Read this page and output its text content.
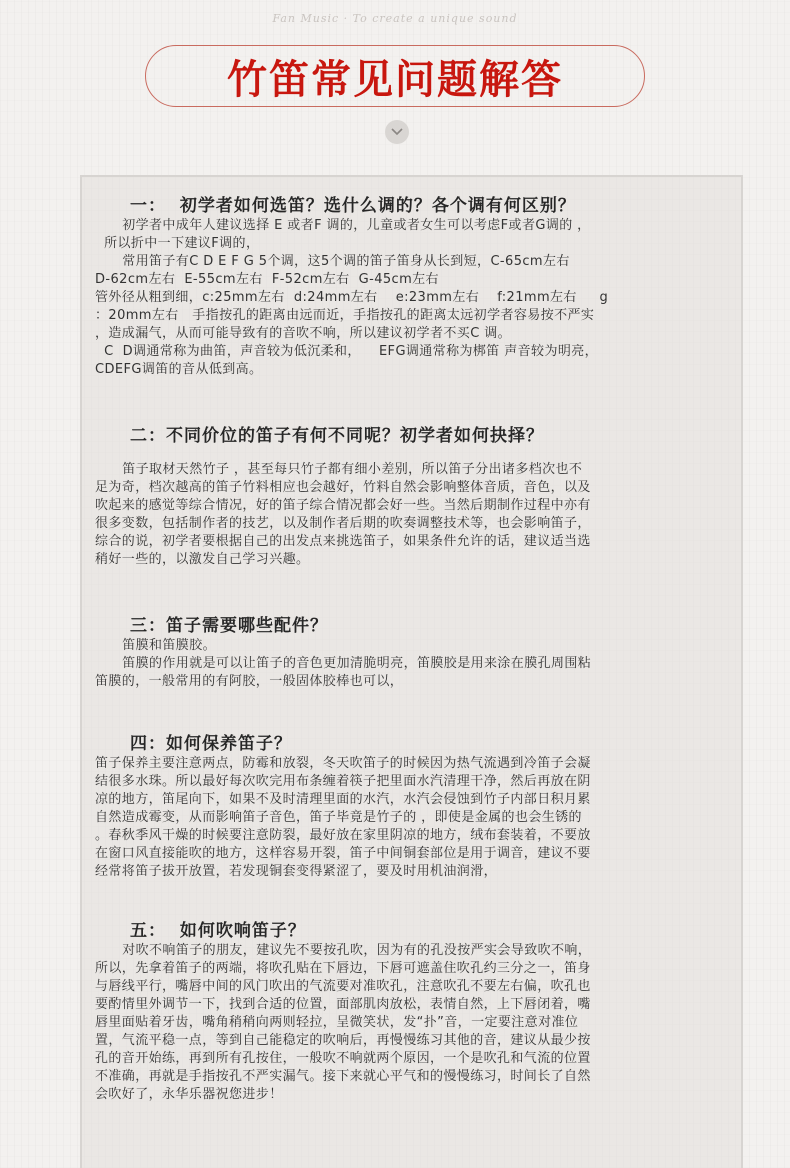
Fan Music · To create a unique sound
竹笛常见问题解答
一：  初学者如何选笛？选什么调的？各个调有何区别？
初学者中成年人建议选择 E 或者F 调的，儿童或者女生可以考虑F或者G调的 ，
所以折中一下建议F调的，
常用笛子有C D E F G 5个调，这5个调的笛子笛身从长到短，C-65cm左右
D-62cm左右  E-55cm左右  F-52cm左右  G-45cm左右
管外径从粗到细，c:25mm左右  d:24mm左右    e:23mm左右    f:21mm左右     g
：20mm左右   手指按孔的距离由远而近，手指按孔的距离太远初学者容易按不严实
，造成漏气，从而可能导致有的音吹不响，所以建议初学者不买C 调。
C  D调通常称为曲笛，声音较为低沉柔和，    EFG调通常称为梆笛 声音较为明亮，
CDEFG调笛的音从低到高。
二：不同价位的笛子有何不同呢？初学者如何抉择？
笛子取材天然竹子 ，甚至每只竹子都有细小差别，所以笛子分出诸多档次也不
足为奇，档次越高的笛子竹料相应也会越好，竹料自然会影响整体音质，音色，以及
吹起来的感觉等综合情况，好的笛子综合情况都会好一些。当然后期制作过程中亦有
很多变数，包括制作者的技艺，以及制作者后期的吹奏调整技术等，也会影响笛子，
综合的说，初学者要根据自己的出发点来挑选笛子，如果条件允许的话，建议适当选
稍好一些的，以激发自己学习兴趣。
三：笛子需要哪些配件？
笛膜和笛膜胶。
笛膜的作用就是可以让笛子的音色更加清脆明亮，笛膜胶是用来涂在膜孔周围粘
笛膜的，一般常用的有阿胶，一般固体胶棒也可以，
四：如何保养笛子？
笛子保养主要注意两点，防霉和放裂，冬天吹笛子的时候因为热气流遇到冷笛子会凝
结很多水珠。所以最好每次吹完用布条缠着筷子把里面水汽清理干净，然后再放在阴
凉的地方，笛尾向下，如果不及时清理里面的水汽，水汽会侵蚀到竹子内部日积月累
自然造成霉变，从而影响笛子音色，笛子毕竟是竹子的 ，即使是金属的也会生锈的
。春秋季风干燥的时候要注意防裂，最好放在家里阴凉的地方，绒布套装着，不要放
在窗口风直接能吹的地方，这样容易开裂，笛子中间铜套部位是用于调音，建议不要
经常将笛子拔开放置，若发现铜套变得紧涩了，要及时用机油润滑，
五：  如何吹响笛子？
对吹不响笛子的朋友，建议先不要按孔吹，因为有的孔没按严实会导致吹不响，
所以，先拿着笛子的两端，将吹孔贴在下唇边，下唇可遮盖住吹孔约三分之一，笛身
与唇线平行，嘴唇中间的风门吹出的气流要对准吹孔，注意吹孔不要左右偏，吹孔也
要酌情里外调节一下，找到合适的位置，面部肌肉放松，表情自然，上下唇闭着，嘴
唇里面贴着牙齿，嘴角稍稍向两则轻拉，呈微笑状，发“扑”音，一定要注意对准位
置，气流平稳一点，等到自己能稳定的吹响后，再慢慢练习其他的音，建议从最少按
孔的音开始练，再到所有孔按住，一般吹不响就两个原因，一个是吹孔和气流的位置
不准确，再就是手指按孔不严实漏气。接下来就心平气和的慢慢练习，时间长了自然
会吹好了，永华乐器祝您进步！
